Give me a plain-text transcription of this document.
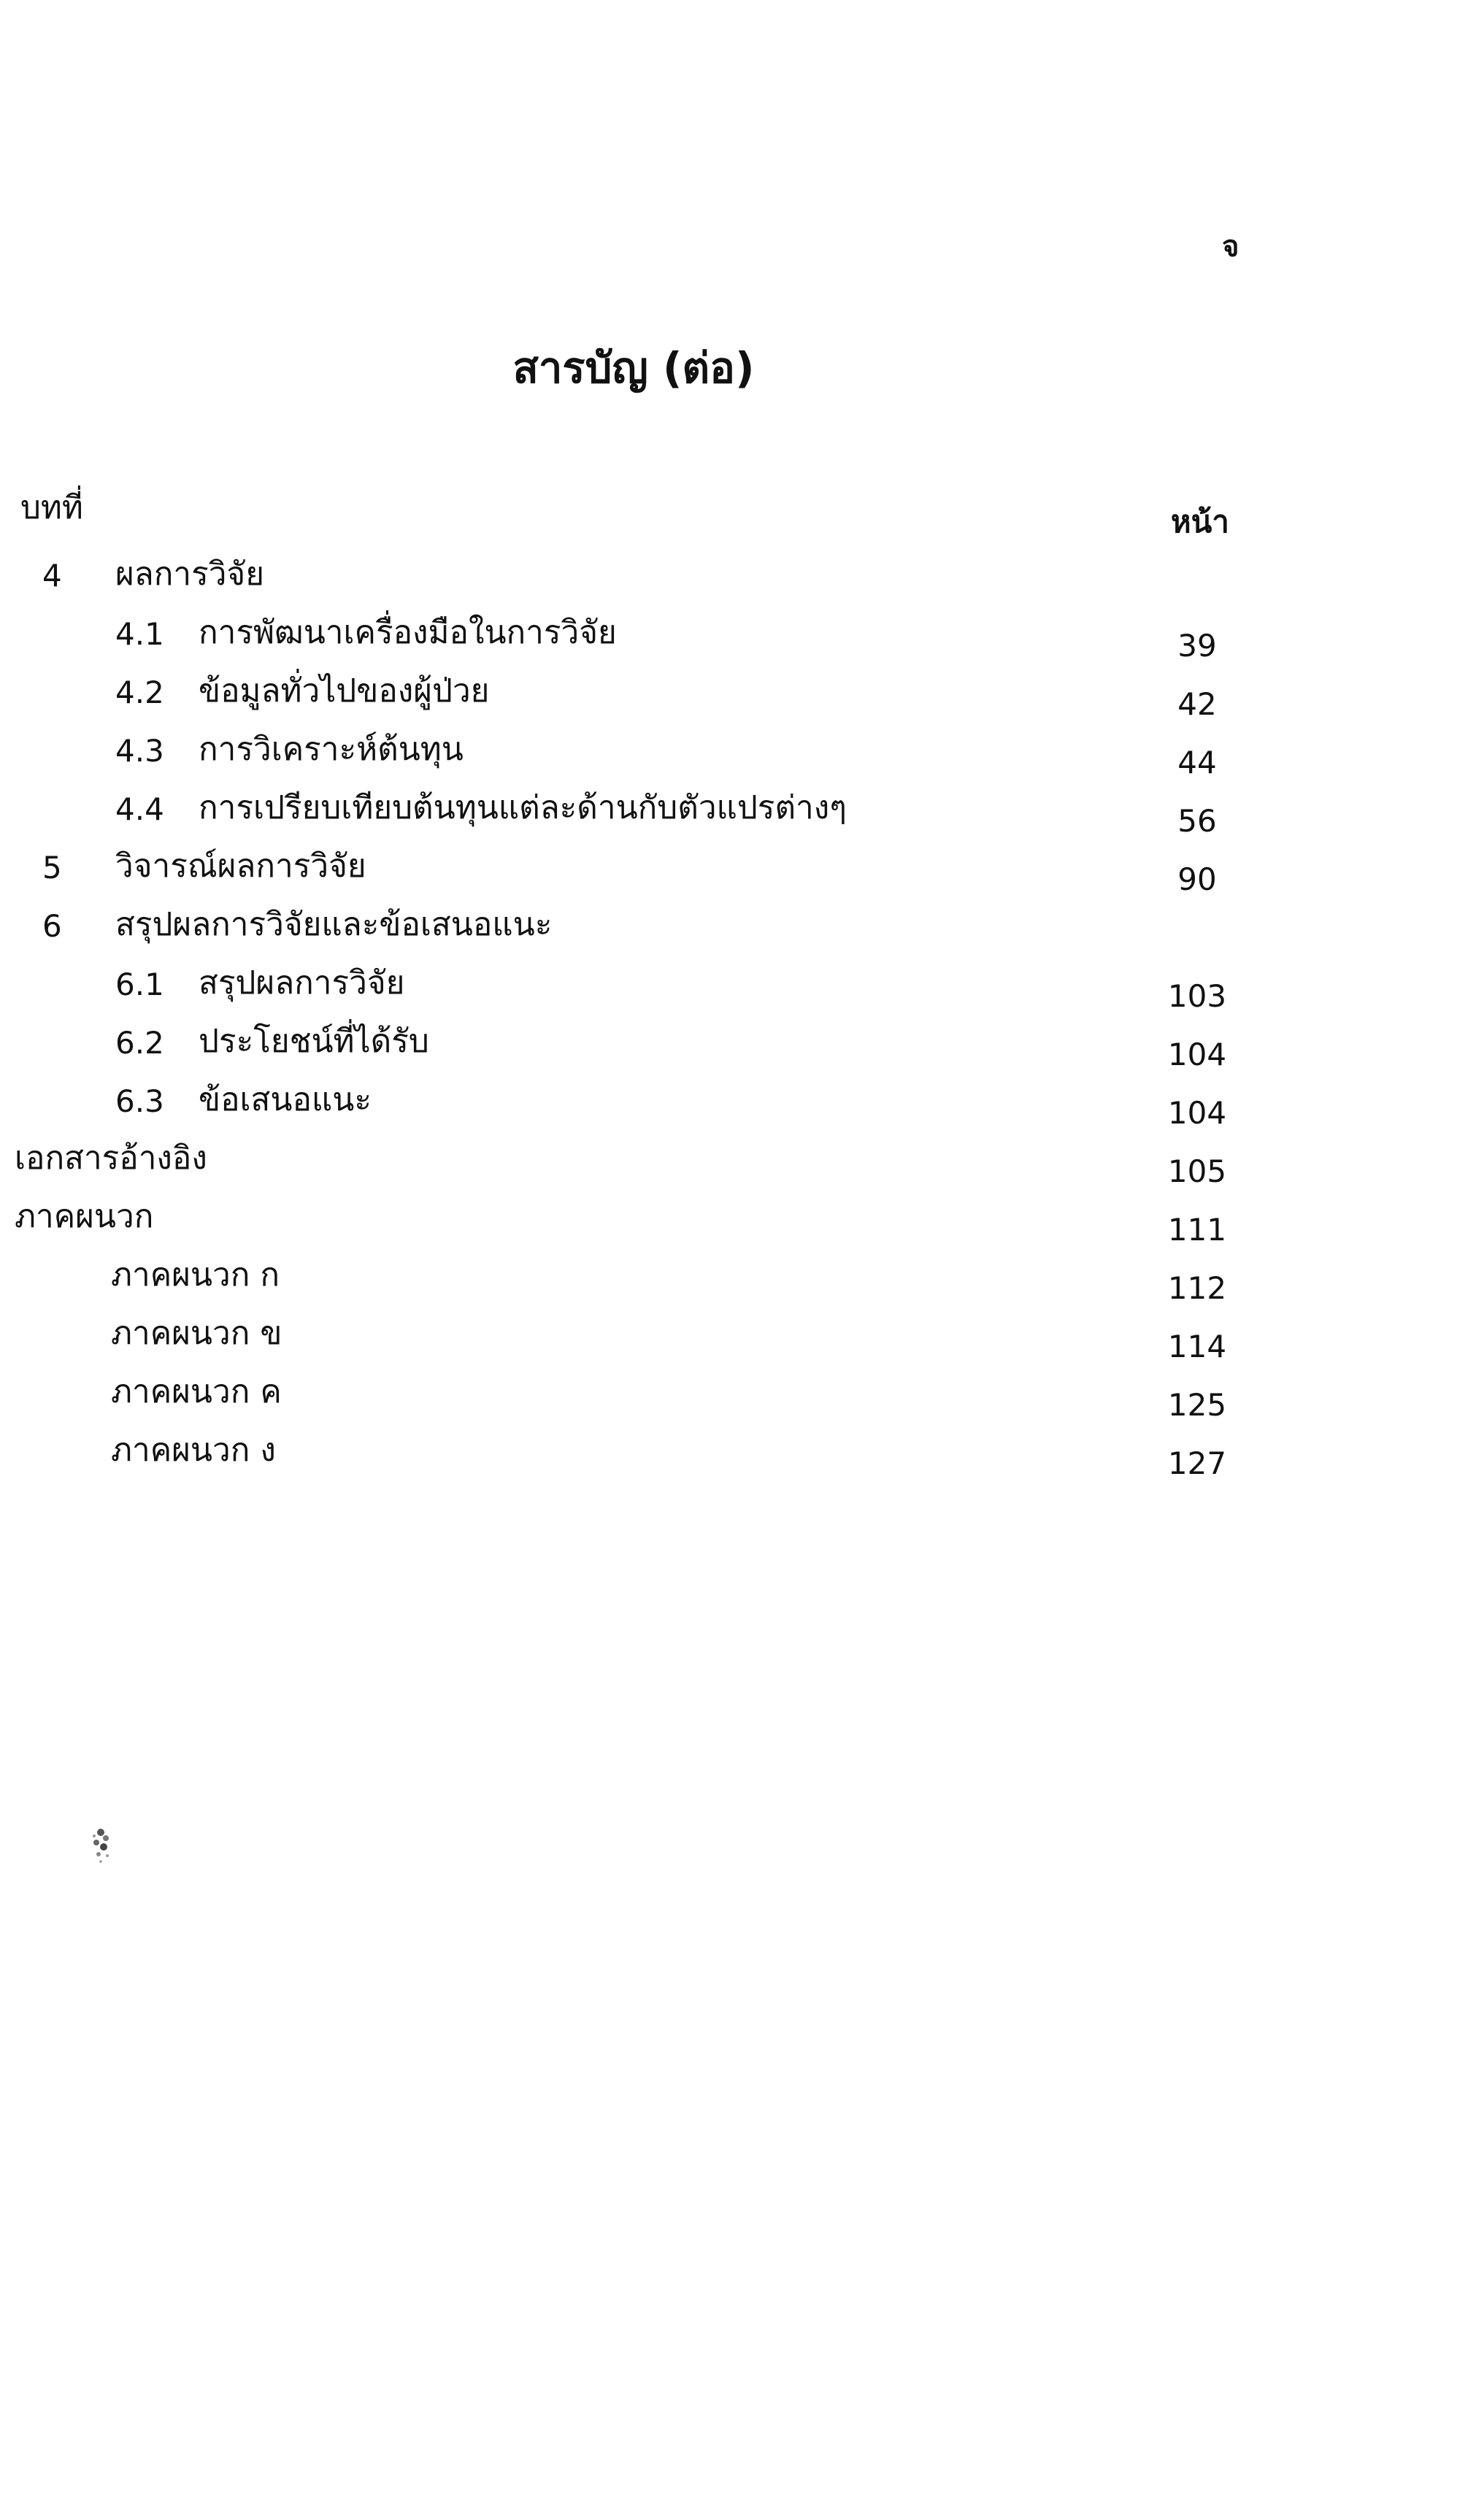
จ
สารบัญ (ต่อ)
บทที่	หน้า
4 ผลการวิจัย
4.1 การพัฒนาเครื่องมือในการวิจัย	39
4.2 ข้อมูลทั่วไปของผู้ป่วย	42
4.3 การวิเคราะห์ต้นทุน	44
4.4 การเปรียบเทียบต้นทุนแต่ละด้านกับตัวแปรต่างๆ	56
5 วิจารณ์ผลการวิจัย	90
6 สรุปผลการวิจัยและข้อเสนอแนะ
6.1 สรุปผลการวิจัย	103
6.2 ประโยชน์ที่ได้รับ	104
6.3 ข้อเสนอแนะ	104
เอกสารอ้างอิง	105
ภาคผนวก	111
ภาคผนวก ก	112
ภาคผนวก ข	114
ภาคผนวก ค	125
ภาคผนวก ง	127
